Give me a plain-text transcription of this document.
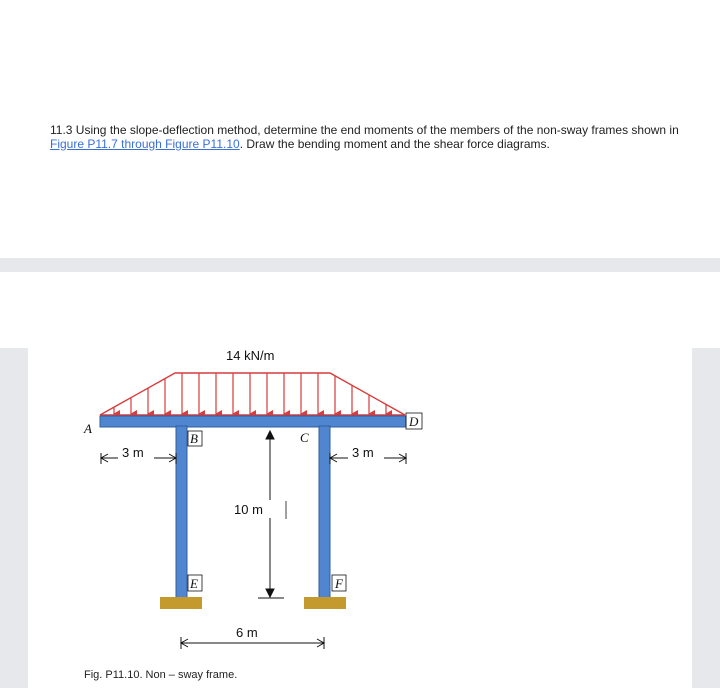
11.3 Using the slope-deflection method, determine the end moments of the members of the non-sway frames shown in Figure P11.7 through Figure P11.10. Draw the bending moment and the shear force diagrams.
14 kN/m
A
B	C
D
E	F
3 m	3 m
10 m
6 m
Fig. P11.10. Non – sway frame.
